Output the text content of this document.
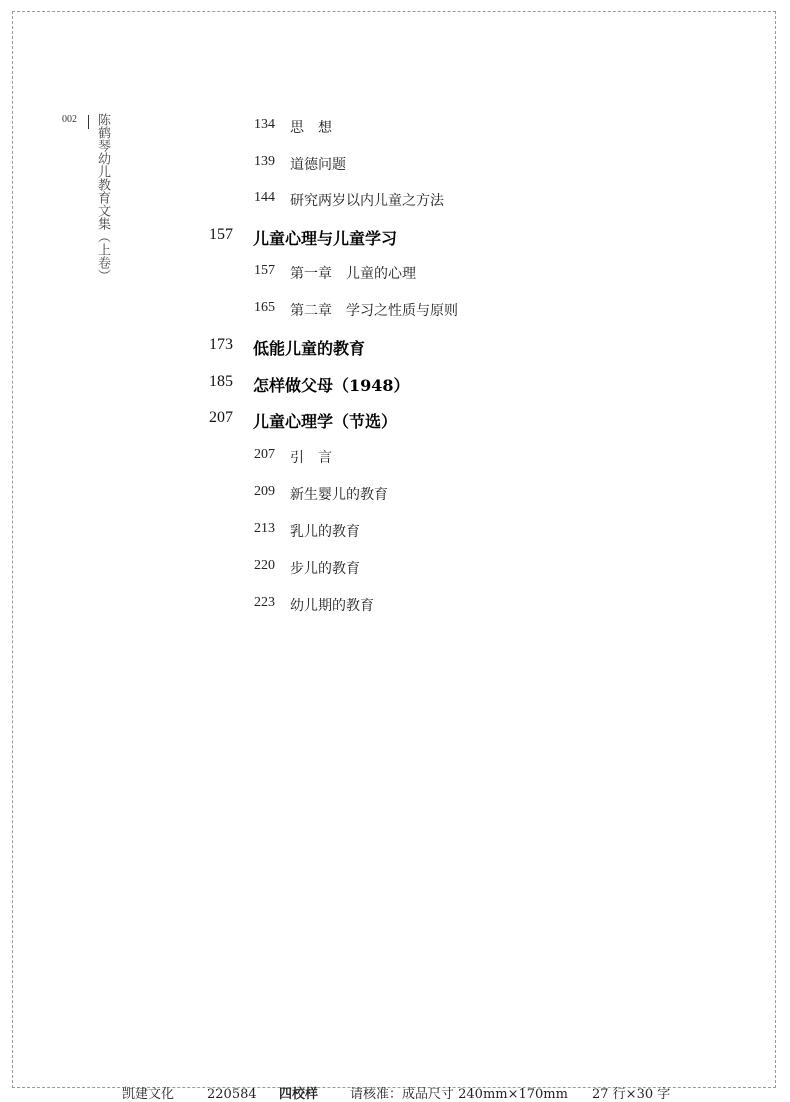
002 陈鹤琴幼儿教育文集（上卷）	134 思　想
139 道德问题
144 研究两岁以内儿童之方法
157 儿童心理与儿童学习
157 第一章　儿童的心理
165 第二章　学习之性质与原则
173 低能儿童的教育
185 怎样做父母（1948）
207 儿童心理学（节选）
207 引　言
209 新生婴儿的教育
213 乳儿的教育
220 步儿的教育
223 幼儿期的教育
凯建文化	220584 四校样 请核准：成品尺寸 240mm×170mm 27 行×30 字
